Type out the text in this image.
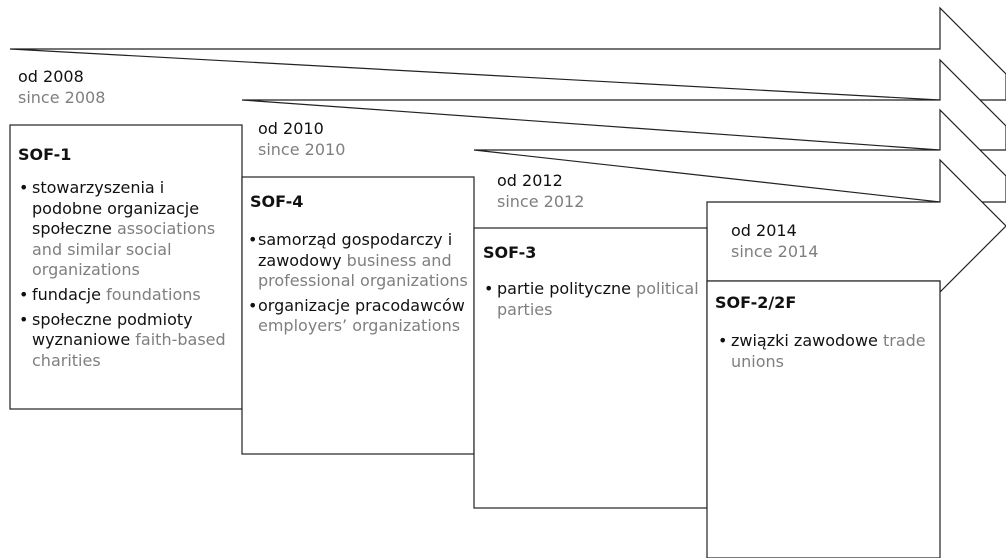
od 2008
since 2008
SOF-1
• stowarzyszenia i podobne organizacje społeczne associations and similar social organizations
• fundacje foundations
• społeczne podmioty wyznaniowe faith-based charities
od 2010
since 2010
SOF-4
• samorząd gospodarczy i zawodowy business and professional organizations
• organizacje pracodawców employers’ organizations
od 2012
since 2012
SOF-3
• partie polityczne political parties
od 2014
since 2014
SOF-2/2F
• związki zawodowe trade unions
